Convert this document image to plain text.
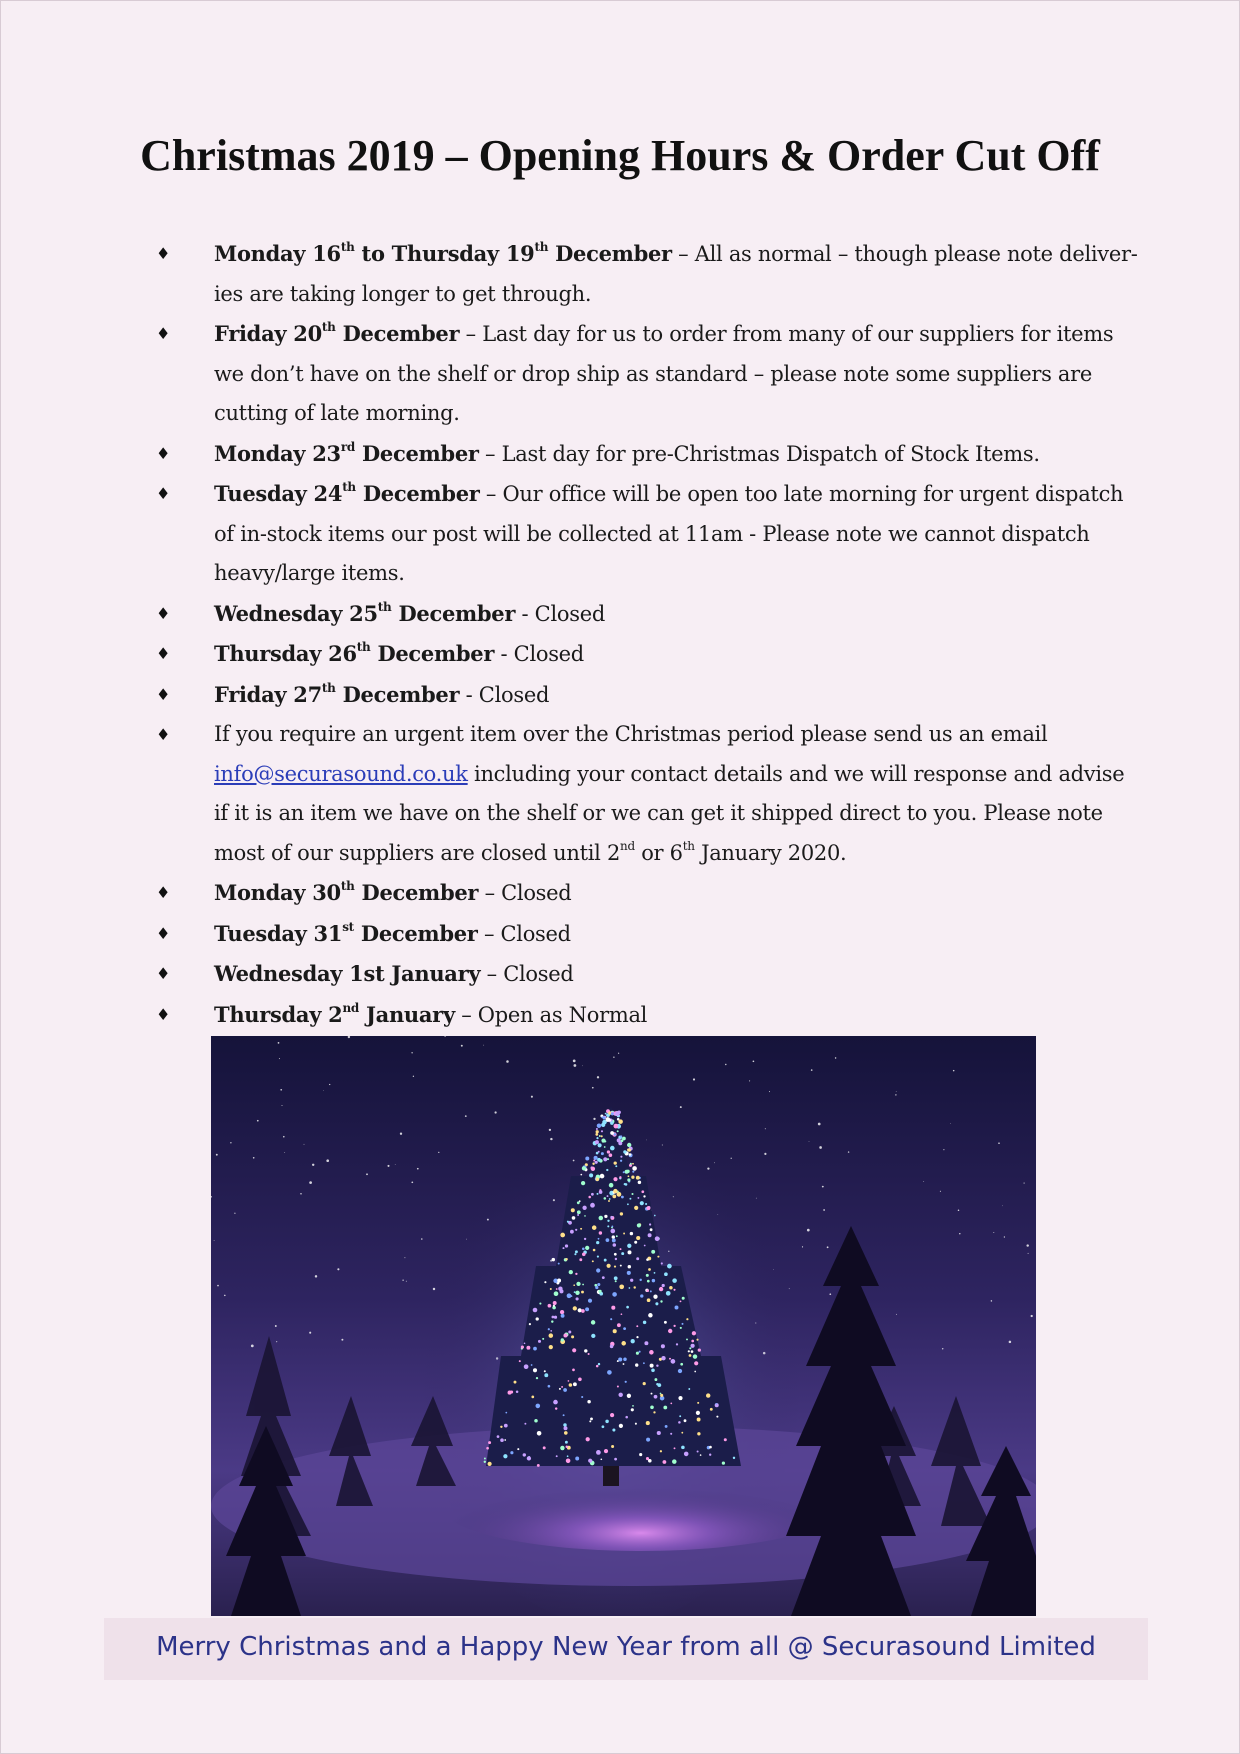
Christmas 2019 – Opening Hours & Order Cut Off
♦ Monday 16th to Thursday 19th December – All as normal – though please note deliver-ies are taking longer to get through.
♦ Friday 20th December – Last day for us to order from many of our suppliers for items we don’t have on the shelf or drop ship as standard – please note some suppliers are cutting of late morning.
♦ Monday 23rd December – Last day for pre-Christmas Dispatch of Stock Items.
♦ Tuesday 24th December – Our office will be open too late morning for urgent dispatch of in-stock items our post will be collected at 11am - Please note we cannot dispatch heavy/large items.
♦ Wednesday 25th December - Closed
♦ Thursday 26th December - Closed
♦ Friday 27th December - Closed
♦ If you require an urgent item over the Christmas period please send us an email info@securasound.co.uk including your contact details and we will response and advise if it is an item we have on the shelf or we can get it shipped direct to you. Please note most of our suppliers are closed until 2nd or 6th January 2020.
♦ Monday 30th December – Closed
♦ Tuesday 31st December – Closed
♦ Wednesday 1st January – Closed
♦ Thursday 2nd January – Open as Normal

Merry Christmas and a Happy New Year from all @ Securasound Limited
